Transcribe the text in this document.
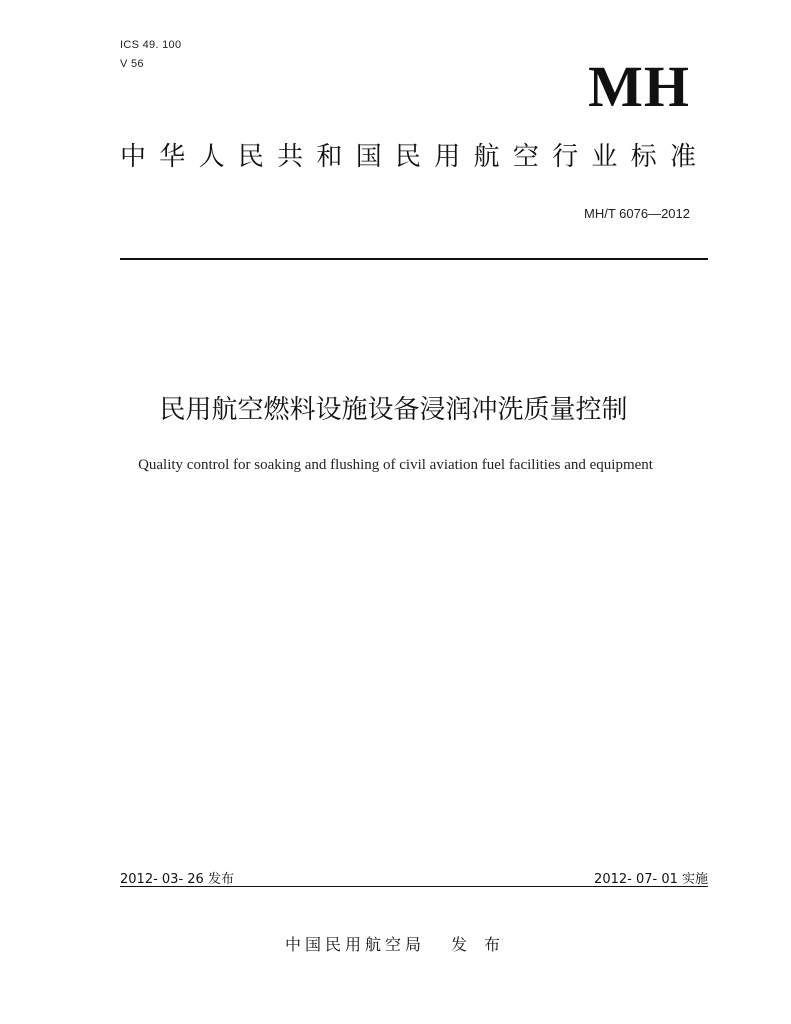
ICS 49. 100
V 56	MH
中 华 人 民 共 和 国 民 用 航 空 行 业 标 准
MH/T 6076—2012
民用航空燃料设施设备浸润冲洗质量控制
Quality control for soaking and flushing of civil aviation fuel facilities and equipment
2012- 03- 26 发布	2012- 07- 01 实施
中国民用航空局 发 布
